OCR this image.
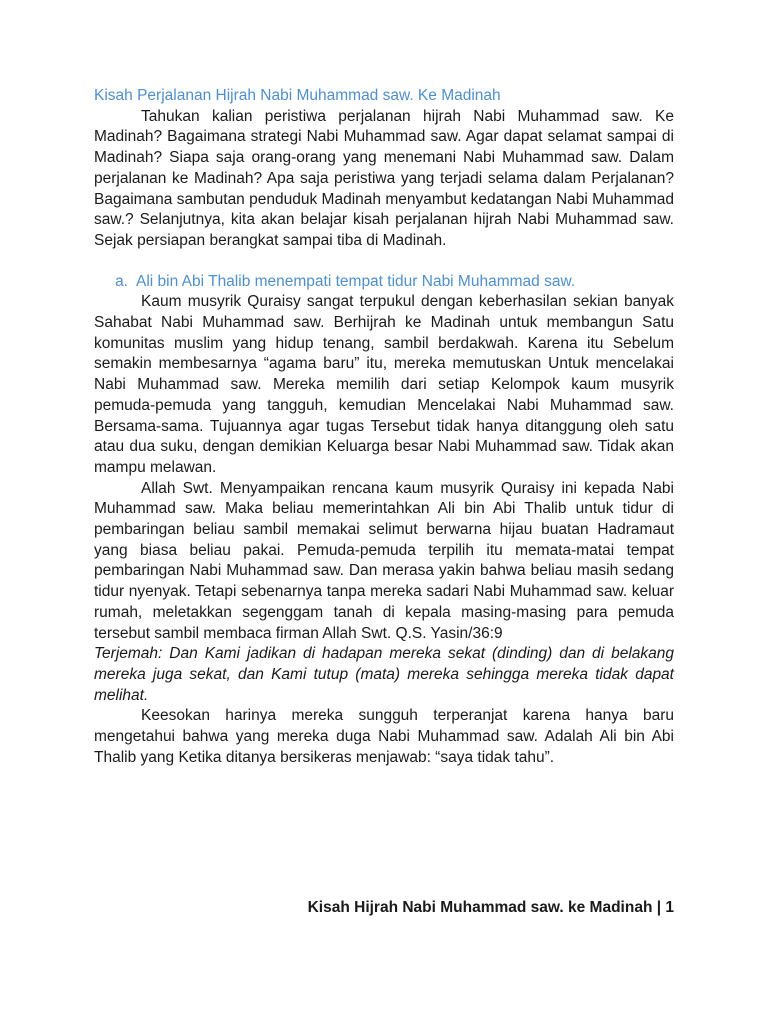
Kisah Perjalanan Hijrah Nabi Muhammad saw. Ke Madinah

Tahukan kalian peristiwa perjalanan hijrah Nabi Muhammad saw. Ke Madinah? Bagaimana strategi Nabi Muhammad saw. Agar dapat selamat sampai di Madinah? Siapa saja orang-orang yang menemani Nabi Muhammad saw. Dalam perjalanan ke Madinah? Apa saja peristiwa yang terjadi selama dalam Perjalanan? Bagaimana sambutan penduduk Madinah menyambut kedatangan Nabi Muhammad saw.? Selanjutnya, kita akan belajar kisah perjalanan hijrah Nabi Muhammad saw. Sejak persiapan berangkat sampai tiba di Madinah.

a. Ali bin Abi Thalib menempati tempat tidur Nabi Muhammad saw.

Kaum musyrik Quraisy sangat terpukul dengan keberhasilan sekian banyak Sahabat Nabi Muhammad saw. Berhijrah ke Madinah untuk membangun Satu komunitas muslim yang hidup tenang, sambil berdakwah. Karena itu Sebelum semakin membesarnya “agama baru” itu, mereka memutuskan Untuk mencelakai Nabi Muhammad saw. Mereka memilih dari setiap Kelompok kaum musyrik pemuda-pemuda yang tangguh, kemudian Mencelakai Nabi Muhammad saw. Bersama-sama. Tujuannya agar tugas Tersebut tidak hanya ditanggung oleh satu atau dua suku, dengan demikian Keluarga besar Nabi Muhammad saw. Tidak akan mampu melawan.

Allah Swt. Menyampaikan rencana kaum musyrik Quraisy ini kepada Nabi Muhammad saw. Maka beliau memerintahkan Ali bin Abi Thalib untuk tidur di pembaringan beliau sambil memakai selimut berwarna hijau buatan Hadramaut yang biasa beliau pakai. Pemuda-pemuda terpilih itu memata-matai tempat pembaringan Nabi Muhammad saw. Dan merasa yakin bahwa beliau masih sedang tidur nyenyak. Tetapi sebenarnya tanpa mereka sadari Nabi Muhammad saw. keluar rumah, meletakkan segenggam tanah di kepala masing-masing para pemuda tersebut sambil membaca firman Allah Swt. Q.S. Yasin/36:9

Terjemah: Dan Kami jadikan di hadapan mereka sekat (dinding) dan di belakang mereka juga sekat, dan Kami tutup (mata) mereka sehingga mereka tidak dapat melihat.

Keesokan harinya mereka sungguh terperanjat karena hanya baru mengetahui bahwa yang mereka duga Nabi Muhammad saw. Adalah Ali bin Abi Thalib yang Ketika ditanya bersikeras menjawab: “saya tidak tahu”.

Kisah Hijrah Nabi Muhammad saw. ke Madinah | 1
